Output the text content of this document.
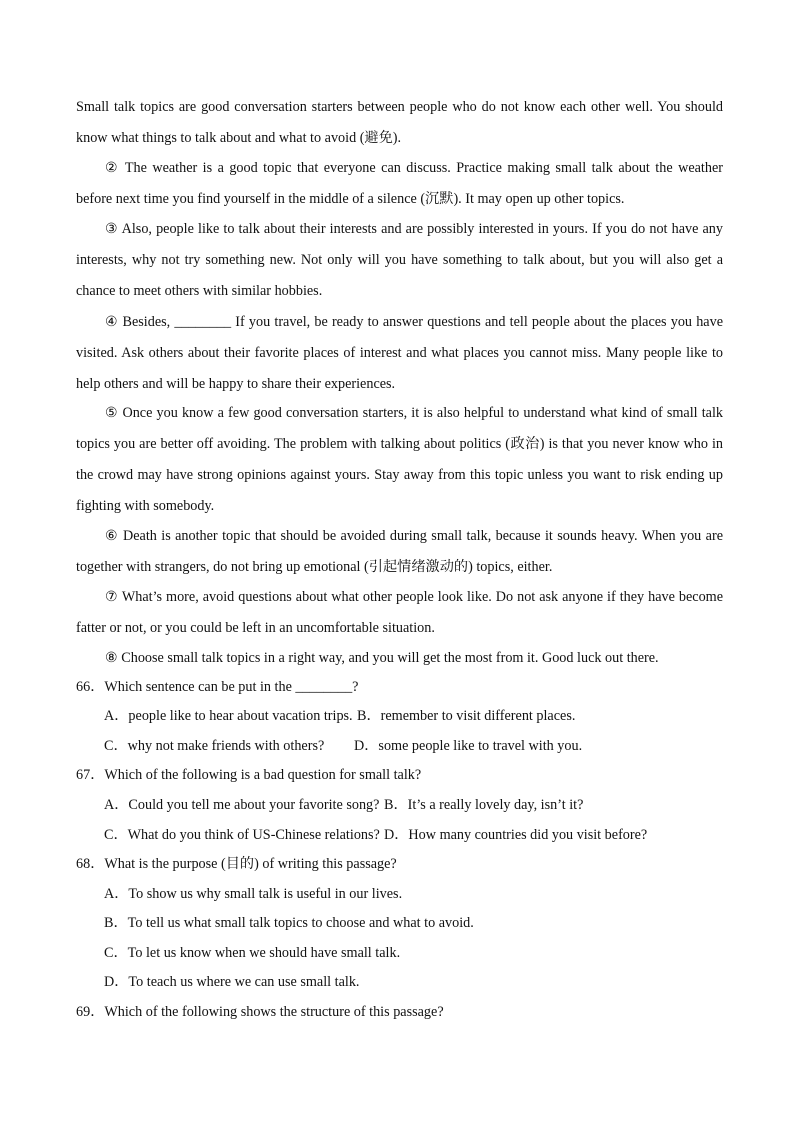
Small talk topics are good conversation starters between people who do not know each other well. You should know what things to talk about and what to avoid (避免).

② The weather is a good topic that everyone can discuss. Practice making small talk about the weather before next time you find yourself in the middle of a silence (沉默). It may open up other topics.

③ Also, people like to talk about their interests and are possibly interested in yours. If you do not have any interests, why not try something new. Not only will you have something to talk about, but you will also get a chance to meet others with similar hobbies.

④ Besides, ________ If you travel, be ready to answer questions and tell people about the places you have visited. Ask others about their favorite places of interest and what places you cannot miss. Many people like to help others and will be happy to share their experiences.

⑤ Once you know a few good conversation starters, it is also helpful to understand what kind of small talk topics you are better off avoiding. The problem with talking about politics (政治) is that you never know who in the crowd may have strong opinions against yours. Stay away from this topic unless you want to risk ending up fighting with somebody.

⑥ Death is another topic that should be avoided during small talk, because it sounds heavy. When you are together with strangers, do not bring up emotional (引起情绪激动的) topics, either.

⑦ What’s more, avoid questions about what other people look like. Do not ask anyone if they have become fatter or not, or you could be left in an uncomfortable situation.

⑧ Choose small talk topics in a right way, and you will get the most from it. Good luck out there.

66．Which sentence can be put in the ________?

A．people like to hear about vacation trips. B．remember to visit different places.
C．why not make friends with others? D．some people like to travel with you.

67．Which of the following is a bad question for small talk?

A．Could you tell me about your favorite song? B．It’s a really lovely day, isn’t it?
C．What do you think of US-Chinese relations? D．How many countries did you visit before?

68．What is the purpose (目的) of writing this passage?

A．To show us why small talk is useful in our lives.

B．To tell us what small talk topics to choose and what to avoid.

C．To let us know when we should have small talk.

D．To teach us where we can use small talk.

69．Which of the following shows the structure of this passage?
